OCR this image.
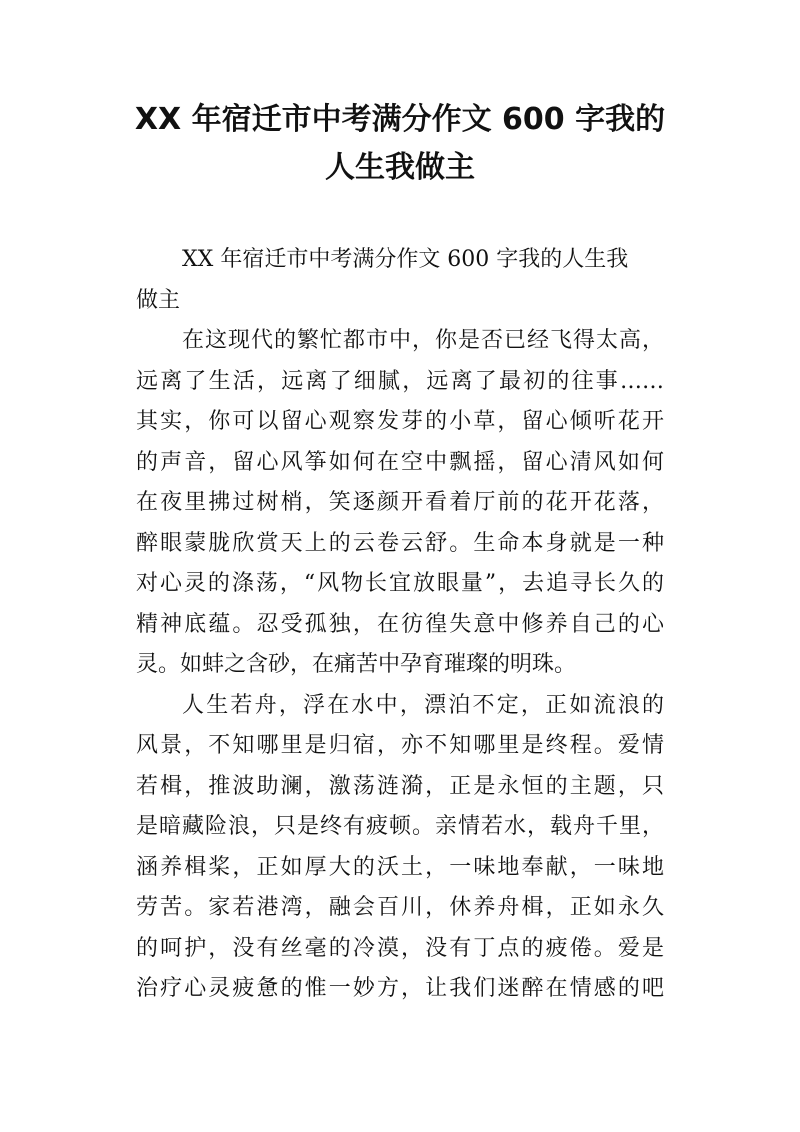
XX 年宿迁市中考满分作文 600 字我的
人生我做主
XX 年宿迁市中考满分作文 600 字我的人生我
做主
在这现代的繁忙都市中，你是否已经飞得太高，
远离了生活，远离了细腻，远离了最初的往事……
其实，你可以留心观察发芽的小草，留心倾听花开
的声音，留心风筝如何在空中飘摇，留心清风如何
在夜里拂过树梢，笑逐颜开看着厅前的花开花落，
醉眼蒙胧欣赏天上的云卷云舒。生命本身就是一种
对心灵的涤荡，“风物长宜放眼量”，去追寻长久的
精神底蕴。忍受孤独，在彷徨失意中修养自己的心
灵。如蚌之含砂，在痛苦中孕育璀璨的明珠。
人生若舟，浮在水中，漂泊不定，正如流浪的
风景，不知哪里是归宿，亦不知哪里是终程。爱情
若楫，推波助澜，激荡涟漪，正是永恒的主题，只
是暗藏险浪，只是终有疲顿。亲情若水，载舟千里，
涵养楫桨，正如厚大的沃土，一味地奉献，一味地
劳苦。家若港湾，融会百川，休养舟楫，正如永久
的呵护，没有丝毫的冷漠，没有丁点的疲倦。爱是
治疗心灵疲惫的惟一妙方，让我们迷醉在情感的吧
